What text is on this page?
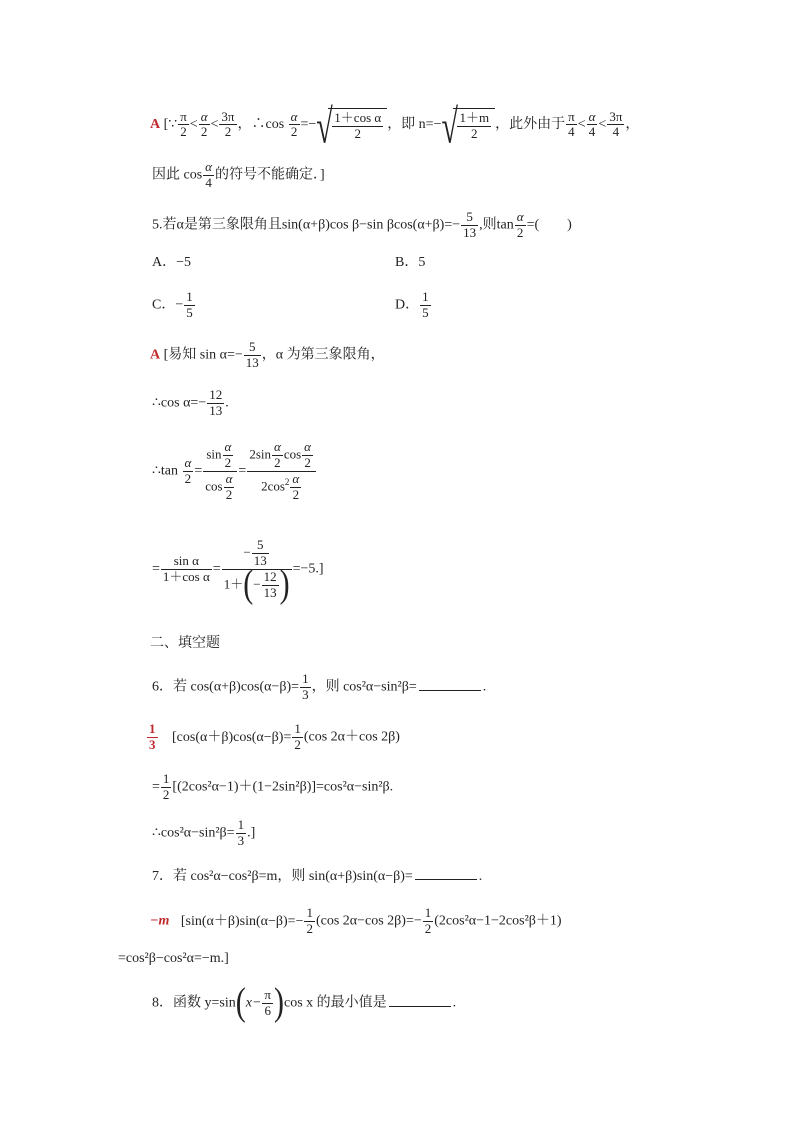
A [∵ $\frac{\pi}{2} < \frac{\alpha}{2} < \frac{3\pi}{2}$ ，∴cos $\frac{\alpha}{2}$ =− √ $\frac{\text{1＋cos α}}{2}$ ，即 n=− √ $\frac{1+m}{2}$ ，此外由于 $\frac{\pi}{4} < \frac{\alpha}{4} < \frac{3\pi}{4}$ ，
因此 $\cos \frac{\alpha}{4}$ 的符号不能确定．]
5.若α是第三象限角且sin(α+β)cos β−sin $\beta\cos(\alpha+\beta)=- \frac{5}{13}$ ,则$\tan \frac{\alpha}{2}$ =(　　)
A．−5	B．5
C．− $\frac{1}{5}$	D． $\frac{1}{5}$
A [易知 $\sin \alpha=- \frac{5}{13}$ ，α 为第三象限角，
∴cos $\alpha=- \frac{12}{13}$ .
∴tan $\frac{\alpha}{2} = \frac{\sin \frac{\alpha}{2}}{\cos \frac{\alpha}{2}} = \frac{2\sin \frac{\alpha}{2} \cos \frac{\alpha}{2}}{2\cos^2 \frac{\alpha}{2}}$
= $\frac{\text{sin α}}{\text{1＋cos α}} = \frac{- \frac{5}{13}}{1+(- \frac{12}{13} )} =-5$.]
二、填空题
6．若 $\cos(\alpha+\beta)\cos(\alpha-\beta)= \frac{1}{3}$ ，则 cos²α−sin²β=	.
$\frac{1}{3} [\cos(\alpha+\beta)\cos(\alpha-\beta)= \frac{1}{2} (\cos$ 2α＋cos 2β)
= $\frac{1}{2} [(2\cos^2\alpha-1)+(1-2\sin^2\beta)]=\cos^2\alpha-\sin^2\beta$.
∴cos²α−sin²β= $\frac{1}{3}$ .]
7．若 cos²α−cos²β=m，则 sin(α+β)sin(α−β)=	.
−m [$\sin(\alpha+\beta)\sin(\alpha-\beta)=- \frac{1}{2} (\cos$ 2α−cos $2\beta)=- \frac{1}{2} (2\cos^2\alpha-1-2\cos^2\beta+1)$
=cos²β−cos²α=−m.]
8．函数 $y=\sin(x- \frac{\pi}{6} )\cos$ x 的最小值是	.
